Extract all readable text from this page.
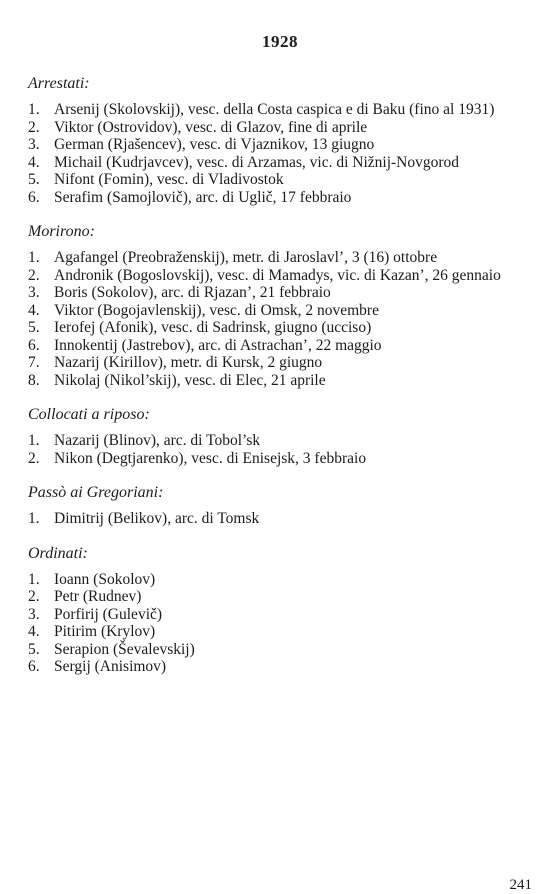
1928
Arrestati:
1. Arsenij (Skolovskij), vesc. della Costa caspica e di Baku (fino al 1931)
2. Viktor (Ostrovidov), vesc. di Glazov, fine di aprile
3. German (Rjašencev), vesc. di Vjaznikov, 13 giugno
4. Michail (Kudrjavcev), vesc. di Arzamas, vic. di Nižnij-Novgorod
5. Nifont (Fomin), vesc. di Vladivostok
6. Serafim (Samojlovič), arc. di Uglič, 17 febbraio
Morirono:
1. Agafangel (Preobraženskij), metr. di Jaroslavl’, 3 (16) ottobre
2. Andronik (Bogoslovskij), vesc. di Mamadys, vic. di Kazan’, 26 gennaio
3. Boris (Sokolov), arc. di Rjazan’, 21 febbraio
4. Viktor (Bogojavlenskij), vesc. di Omsk, 2 novembre
5. Ierofej (Afonik), vesc. di Sadrinsk, giugno (ucciso)
6. Innokentij (Jastrebov), arc. di Astrachan’, 22 maggio
7. Nazarij (Kirillov), metr. di Kursk, 2 giugno
8. Nikolaj (Nikol’skij), vesc. di Elec, 21 aprile
Collocati a riposo:
1. Nazarij (Blinov), arc. di Tobol’sk
2. Nikon (Degtjarenko), vesc. di Enisejsk, 3 febbraio
Passò ai Gregoriani:
1. Dimitrij (Belikov), arc. di Tomsk
Ordinati:
1. Ioann (Sokolov)
2. Petr (Rudnev)
3. Porfirij (Gulevič)
4. Pitirim (Krylov)
5. Serapion (Ševalevskij)
6. Sergij (Anisimov)
241
